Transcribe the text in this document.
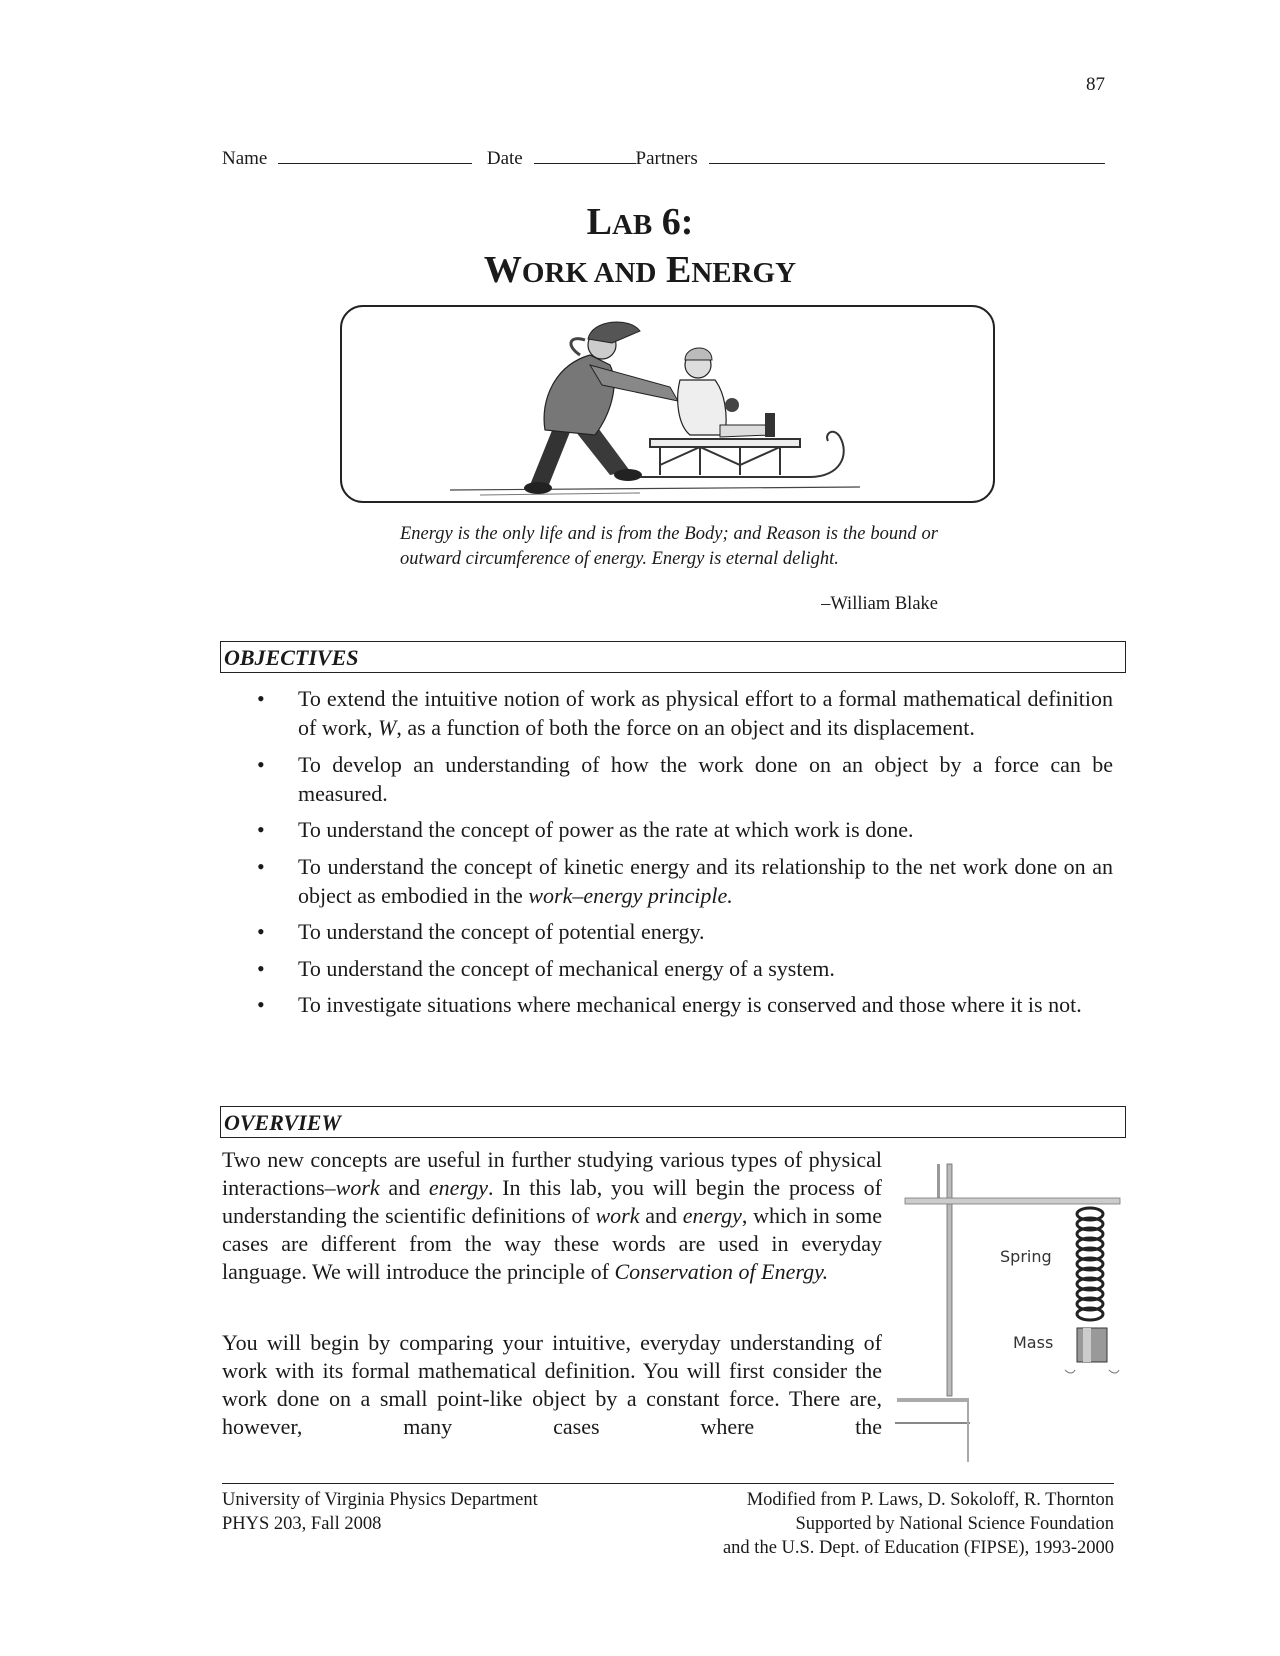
87
Name	Date	Partners
LAB 6:
WORK AND ENERGY
Energy is the only life and is from the Body; and Reason is the bound or outward circumference of energy. Energy is eternal delight.
–William Blake
OBJECTIVES
• To extend the intuitive notion of work as physical effort to a formal mathematical definition of work, W, as a function of both the force on an object and its displacement.
• To develop an understanding of how the work done on an object by a force can be measured.
• To understand the concept of power as the rate at which work is done.
• To understand the concept of kinetic energy and its relationship to the net work done on an object as embodied in the work–energy principle.
• To understand the concept of potential energy.
• To understand the concept of mechanical energy of a system.
• To investigate situations where mechanical energy is conserved and those where it is not.
OVERVIEW
Two new concepts are useful in further studying various types of physical interactions–work and energy. In this lab, you will begin the process of understanding the scientific definitions of work and energy, which in some cases are different from the way these words are used in everyday language. We will introduce the principle of Conservation of Energy.
You will begin by comparing your intuitive, everyday understanding of work with its formal mathematical definition. You will first consider the work done on a small point-like object by a constant force. There are, however, many cases where the
Spring
Mass
University of Virginia Physics Department
PHYS 203, Fall 2008
Modified from P. Laws, D. Sokoloff, R. Thornton
Supported by National Science Foundation
and the U.S. Dept. of Education (FIPSE), 1993-2000
